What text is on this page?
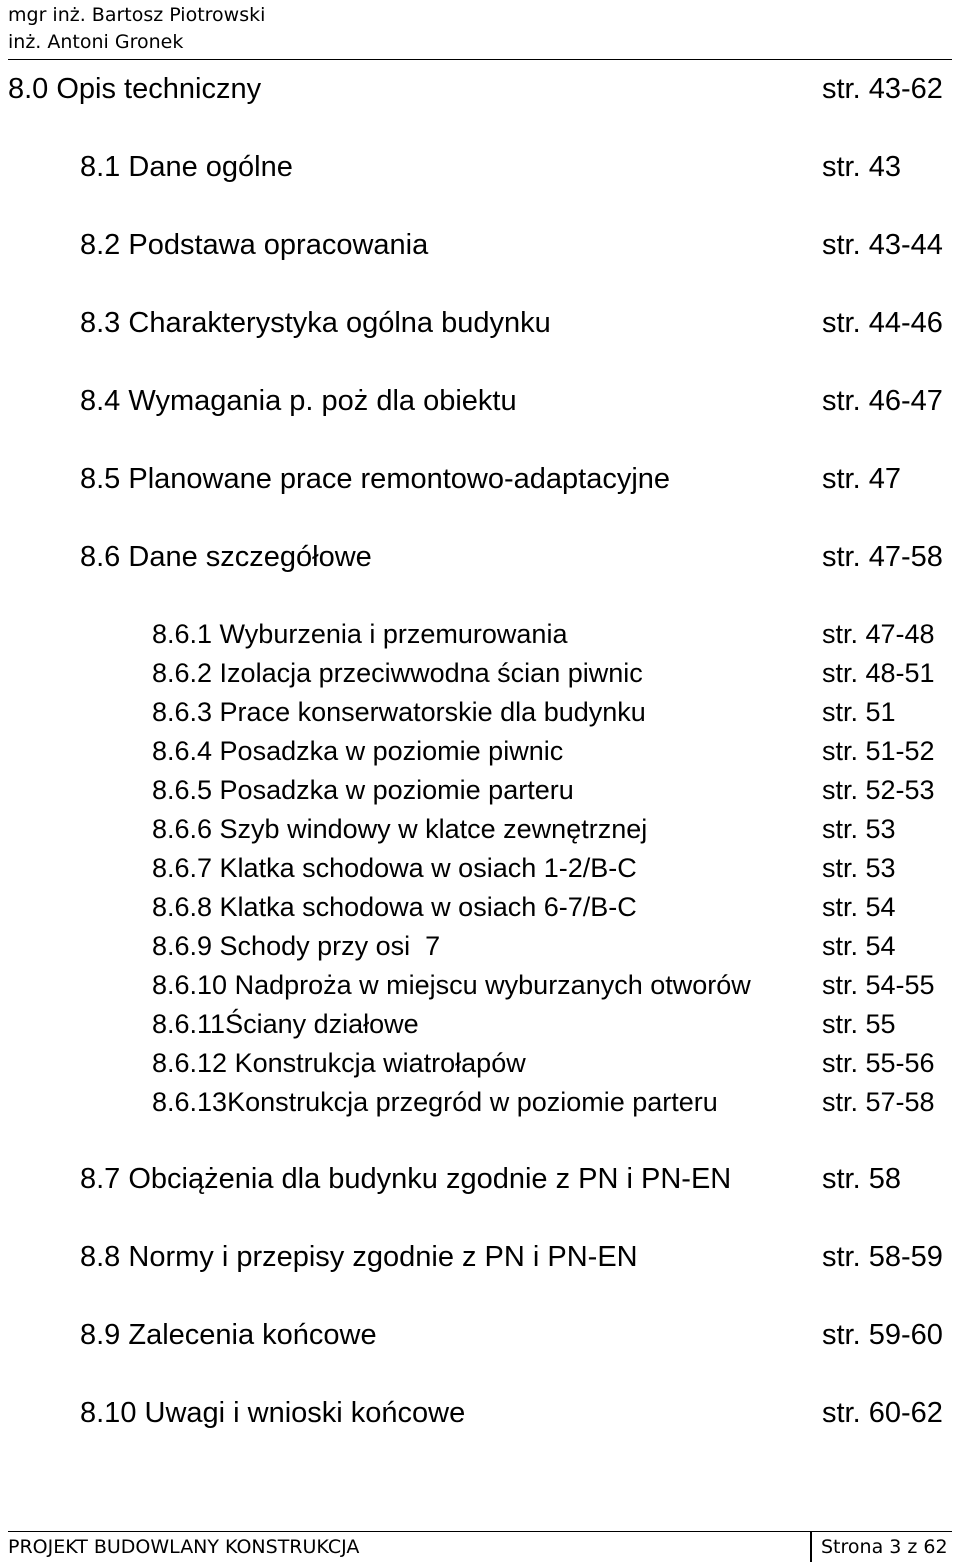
mgr inż. Bartosz Piotrowski
inż. Antoni Gronek
8.0 Opis techniczny	str. 43-62
8.1 Dane ogólne	str. 43
8.2 Podstawa opracowania	str. 43-44
8.3 Charakterystyka ogólna budynku	str. 44-46
8.4 Wymagania p. poż dla obiektu	str. 46-47
8.5 Planowane prace remontowo-adaptacyjne	str. 47
8.6 Dane szczegółowe	str. 47-58
8.6.1 Wyburzenia i przemurowania	str. 47-48
8.6.2 Izolacja przeciwwodna ścian piwnic	str. 48-51
8.6.3 Prace konserwatorskie dla budynku	str. 51
8.6.4 Posadzka w poziomie piwnic	str. 51-52
8.6.5 Posadzka w poziomie parteru	str. 52-53
8.6.6 Szyb windowy w klatce zewnętrznej	str. 53
8.6.7 Klatka schodowa w osiach 1-2/B-C	str. 53
8.6.8 Klatka schodowa w osiach 6-7/B-C	str. 54
8.6.9 Schody przy osi  7	str. 54
8.6.10 Nadproża w miejscu wyburzanych otworów	str. 54-55
8.6.11Ściany działowe	str. 55
8.6.12 Konstrukcja wiatrołapów	str. 55-56
8.6.13Konstrukcja przegród w poziomie parteru	str. 57-58
8.7 Obciążenia dla budynku zgodnie z PN i PN-EN	str. 58
8.8 Normy i przepisy zgodnie z PN i PN-EN	str. 58-59
8.9 Zalecenia końcowe	str. 59-60
8.10 Uwagi i wnioski końcowe	str. 60-62
PROJEKT BUDOWLANY KONSTRUKCJA	Strona 3 z 62
